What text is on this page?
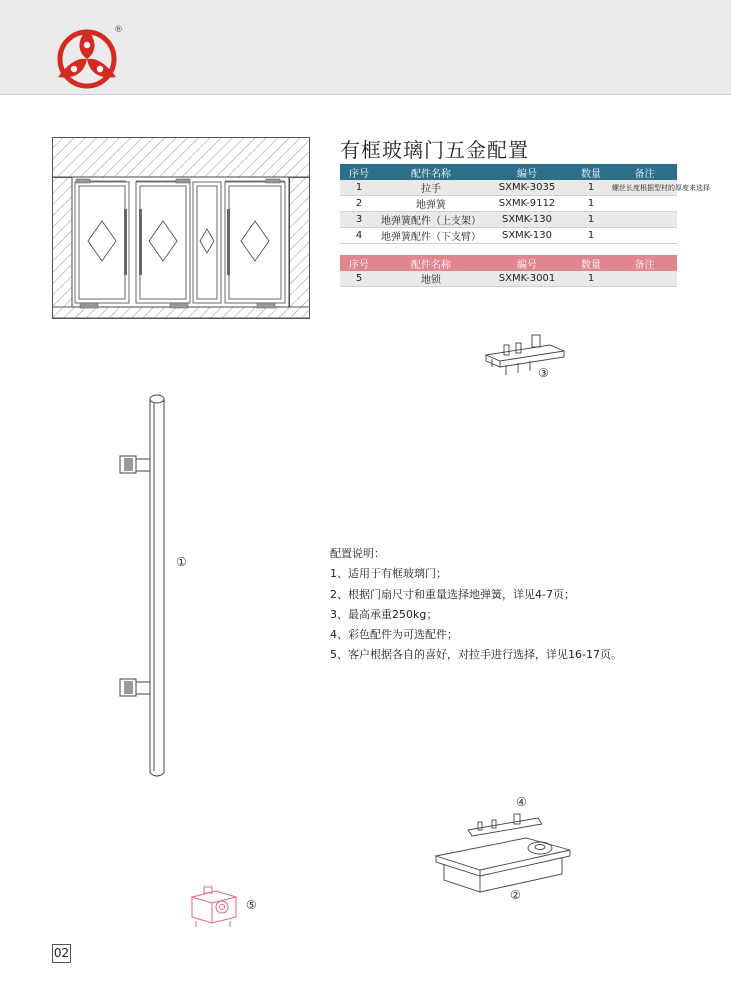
®
有框玻璃门五金配置
序号	配件名称	编号	数量	备注
1	拉手	SXMK-3035	1	螺丝长度根据型材的厚度来选择
2	地弹簧	SXMK-9112	1
3	地弹簧配件（上支架）	SXMK-130	1
4	地弹簧配件（下支臂）	SXMK-130	1
序号	配件名称	编号	数量	备注
5	地锁	SXMK-3001	1
③
①
配置说明：
1、适用于有框玻璃门；
2、根据门扇尺寸和重量选择地弹簧，详见4-7页；
3、最高承重250kg；
4、彩色配件为可选配件；
5、客户根据各自的喜好，对拉手进行选择，详见16-17页。
④
②
⑤
02
